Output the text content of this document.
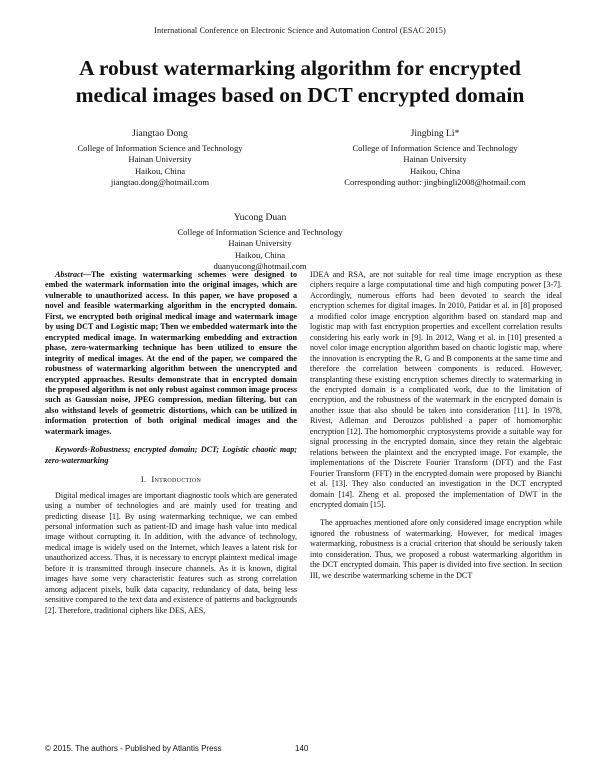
International Conference on Electronic Science and Automation Control (ESAC 2015)
A robust watermarking algorithm for encrypted
medical images based on DCT encrypted domain
Jiangtao Dong
College of Information Science and Technology
Hainan University
Haikou, China
jiangtao.dong@hotmail.com
Jingbing Li*
College of Information Science and Technology
Hainan University
Haikou, China
Corresponding author: jingbingli2008@hotmail.com
Yucong Duan
College of Information Science and Technology
Hainan University
Haikou, China
duanyucong@hotmail.com

Abstract—The existing watermarking schemes were designed to embed the watermark information into the original images, which are vulnerable to unauthorized access. In this paper, we have proposed a novel and feasible watermarking algorithm in the encrypted domain. First, we encrypted both original medical image and watermark image by using DCT and Logistic map; Then we embedded watermark into the encrypted medical image. In watermarking embedding and extraction phase, zero-watermarking technique has been utilized to ensure the integrity of medical images. At the end of the paper, we compared the robustness of watermarking algorithm between the unencrypted and encrypted approaches. Results demonstrate that in encrypted domain the proposed algorithm is not only robust against common image process such as Gaussian noise, JPEG compression, median filtering, but can also withstand levels of geometric distortions, which can be utilized in information protection of both original medical images and the watermark images.

Keywords-Robustness; encrypted domain; DCT; Logistic chaotic map; zero-watermarking

I. Introduction

Digital medical images are important diagnostic tools which are generated using a number of technologies and are mainly used for treating and predicting disease [1]. By using watermarking technique, we can embed personal information such as patient-ID and image hash value into medical image without corrupting it. In addition, with the advance of technology, medical image is widely used on the Internet, which leaves a latent risk for unauthorized access. Thus, it is necessary to encrypt plaintext medical image before it is transmitted through insecure channels. As it is known, digital images have some very characteristic features such as strong correlation among adjacent pixels, bulk data capacity, redundancy of data, being less sensitive compared to the text data and existence of patterns and backgrounds [2]. Therefore, traditional ciphers like DES, AES,

IDEA and RSA, are not suitable for real time image encryption as these ciphers require a large computational time and high computing power [3-7]. Accordingly, numerous efforts had been devoted to search the ideal encryption schemes for digital images. In 2010, Patidar et al. in [8] proposed a modified color image encryption algorithm based on standard map and logistic map with fast encryption properties and excellent correlation results considering his early work in [9]. In 2012, Wang et al. in [10] presented a novel color image encryption algorithm based on chaotic logistic map, where the innovation is encrypting the R, G and B components at the same time and therefore the correlation between components is reduced. However, transplanting these existing encryption schemes directly to watermarking in the encrypted domain is a complicated work, due to the limitation of encryption, and the robustness of the watermark in the encrypted domain is another issue that also should be taken into consideration [11]. In 1978, Rivest, Adleman and Derouzos published a paper of homomorphic encryption [12]. The homomorphic cryptosystems provide a suitable way for signal processing in the encrypted domain, since they retain the algebraic relations between the plaintext and the encrypted image. For example, the implementations of the Discrete Fourier Transform (DFT) and the Fast Fourier Transform (FFT) in the encrypted domain were proposed by Bianchi et al. [13]. They also conducted an investigation in the DCT encrypted domain [14]. Zheng et al. proposed the implementation of DWT in the encrypted domain [15].

The approaches mentioned afore only considered image encryption while ignored the robustness of watermarking. However, for medical images watermarking, robustness is a crucial criterion that should be seriously taken into consideration. Thus, we proposed a robust watermarking algorithm in the DCT encrypted domain. This paper is divided into five section. In section III, we describe watermarking scheme in the DCT

© 2015. The authors - Published by Atlantis Press	140
